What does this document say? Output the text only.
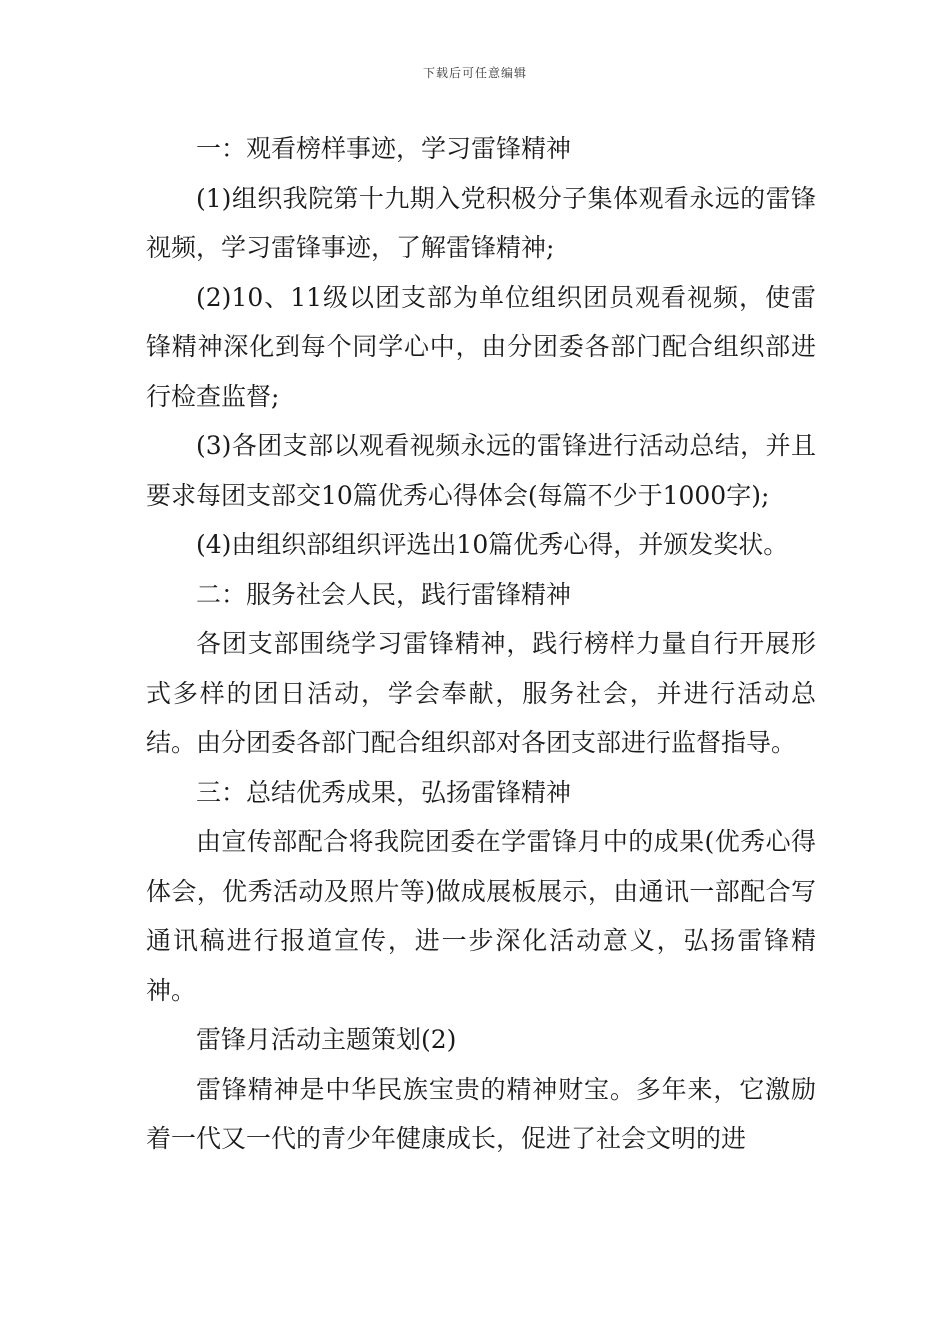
下载后可任意编辑

一：观看榜样事迹，学习雷锋精神

(1)组织我院第十九期入党积极分子集体观看永远的雷锋视频，学习雷锋事迹，了解雷锋精神;

(2)10、11级以团支部为单位组织团员观看视频，使雷锋精神深化到每个同学心中，由分团委各部门配合组织部进行检查监督;

(3)各团支部以观看视频永远的雷锋进行活动总结，并且要求每团支部交10篇优秀心得体会(每篇不少于1000字);

(4)由组织部组织评选出10篇优秀心得，并颁发奖状。

二：服务社会人民，践行雷锋精神

各团支部围绕学习雷锋精神，践行榜样力量自行开展形式多样的团日活动，学会奉献，服务社会，并进行活动总结。由分团委各部门配合组织部对各团支部进行监督指导。

三：总结优秀成果，弘扬雷锋精神

由宣传部配合将我院团委在学雷锋月中的成果(优秀心得体会，优秀活动及照片等)做成展板展示，由通讯一部配合写通讯稿进行报道宣传，进一步深化活动意义，弘扬雷锋精神。

雷锋月活动主题策划(2)

雷锋精神是中华民族宝贵的精神财宝。多年来，它激励着一代又一代的青少年健康成长，促进了社会文明的进
